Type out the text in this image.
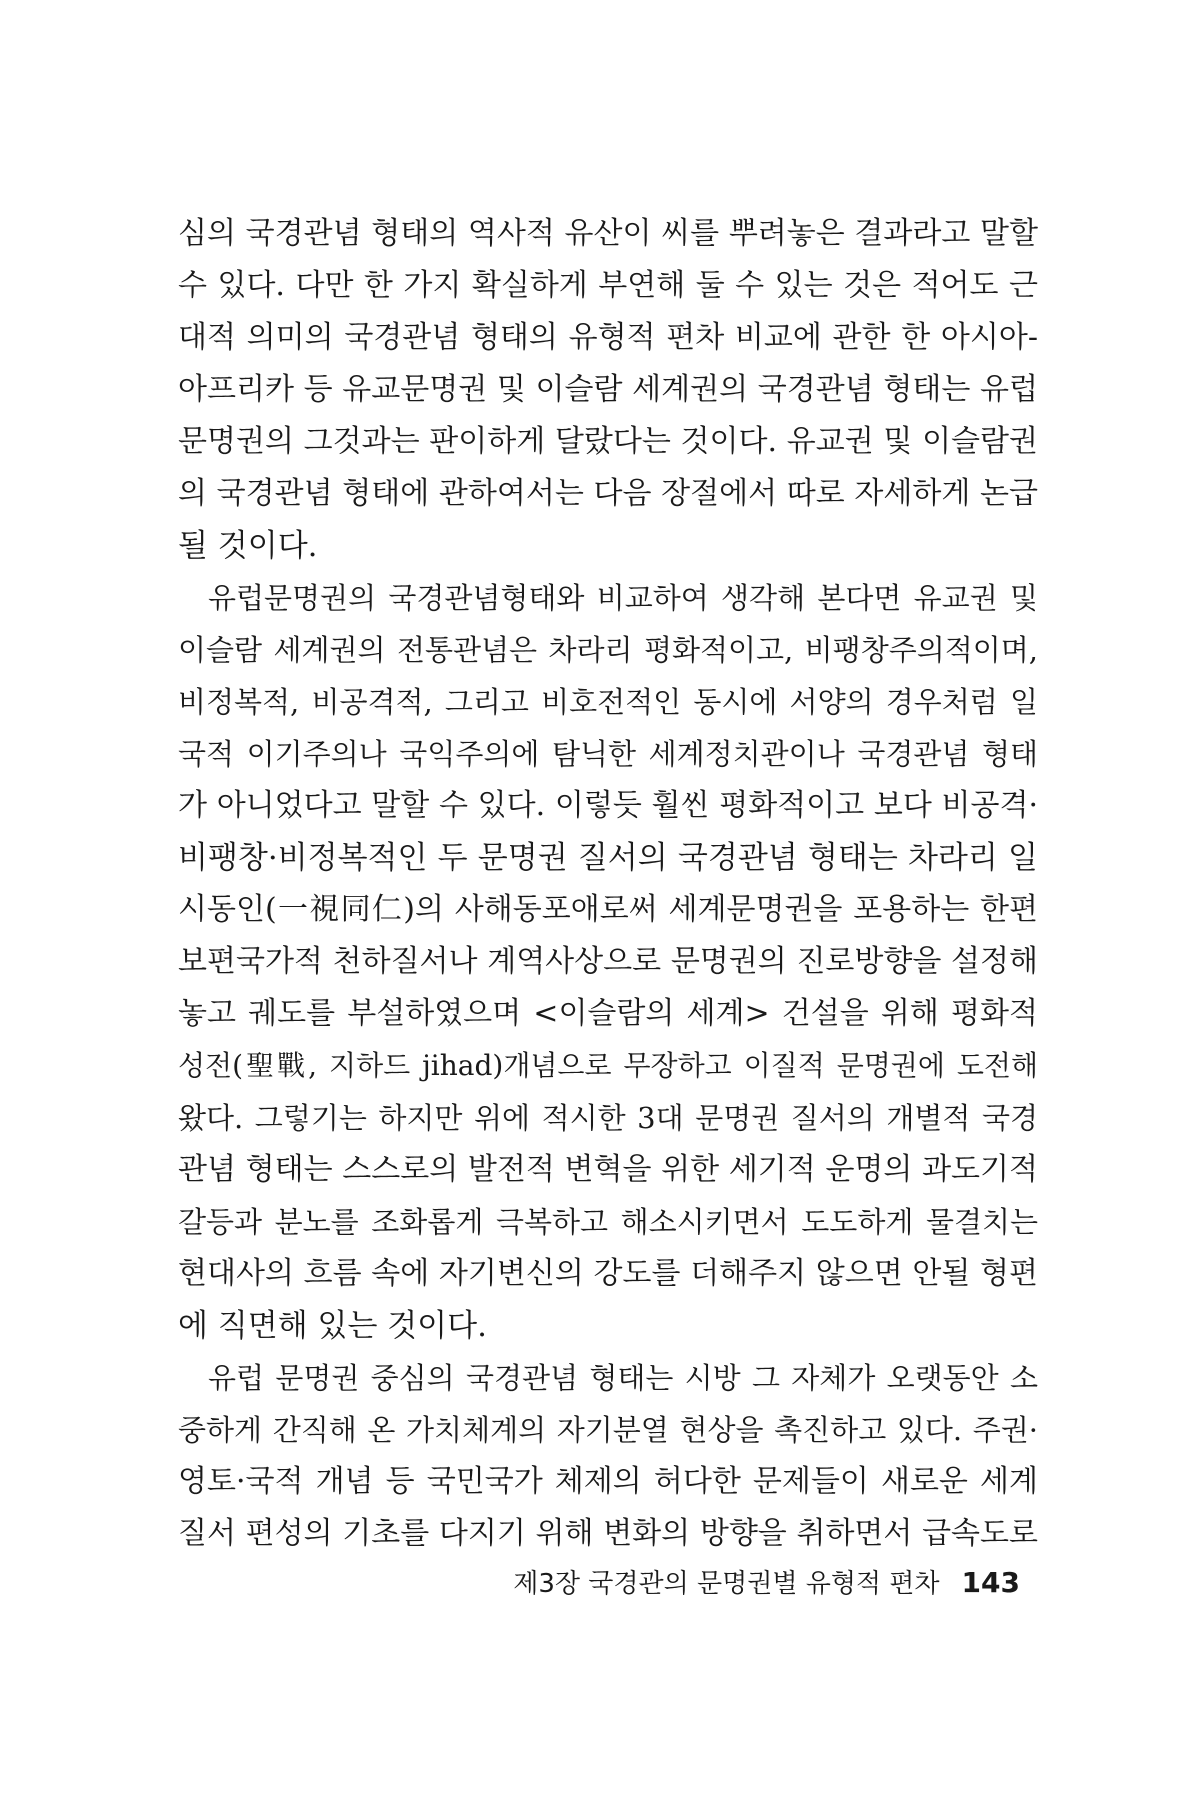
심의 국경관념 형태의 역사적 유산이 씨를 뿌려놓은 결과라고 말할
수 있다. 다만 한 가지 확실하게 부연해 둘 수 있는 것은 적어도 근
대적 의미의 국경관념 형태의 유형적 편차 비교에 관한 한 아시아-
아프리카 등 유교문명권 및 이슬람 세계권의 국경관념 형태는 유럽
문명권의 그것과는 판이하게 달랐다는 것이다. 유교권 및 이슬람권
의 국경관념 형태에 관하여서는 다음 장절에서 따로 자세하게 논급
될 것이다.
유럽문명권의 국경관념형태와 비교하여 생각해 본다면 유교권 및
이슬람 세계권의 전통관념은 차라리 평화적이고, 비팽창주의적이며,
비정복적, 비공격적, 그리고 비호전적인 동시에 서양의 경우처럼 일
국적 이기주의나 국익주의에 탐닉한 세계정치관이나 국경관념 형태
가 아니었다고 말할 수 있다. 이렇듯 훨씬 평화적이고 보다 비공격·
비팽창·비정복적인 두 문명권 질서의 국경관념 형태는 차라리 일
시동인(一視同仁)의 사해동포애로써 세계문명권을 포용하는 한편
보편국가적 천하질서나 계역사상으로 문명권의 진로방향을 설정해
놓고 궤도를 부설하였으며 <이슬람의 세계> 건설을 위해 평화적
성전(聖戰, 지하드 jihad)개념으로 무장하고 이질적 문명권에 도전해
왔다. 그렇기는 하지만 위에 적시한 3대 문명권 질서의 개별적 국경
관념 형태는 스스로의 발전적 변혁을 위한 세기적 운명의 과도기적
갈등과 분노를 조화롭게 극복하고 해소시키면서 도도하게 물결치는
현대사의 흐름 속에 자기변신의 강도를 더해주지 않으면 안될 형편
에 직면해 있는 것이다.
유럽 문명권 중심의 국경관념 형태는 시방 그 자체가 오랫동안 소
중하게 간직해 온 가치체계의 자기분열 현상을 촉진하고 있다. 주권·
영토·국적 개념 등 국민국가 체제의 허다한 문제들이 새로운 세계
질서 편성의 기초를 다지기 위해 변화의 방향을 취하면서 급속도로
제3장 국경관의 문명권별 유형적 편차 143
